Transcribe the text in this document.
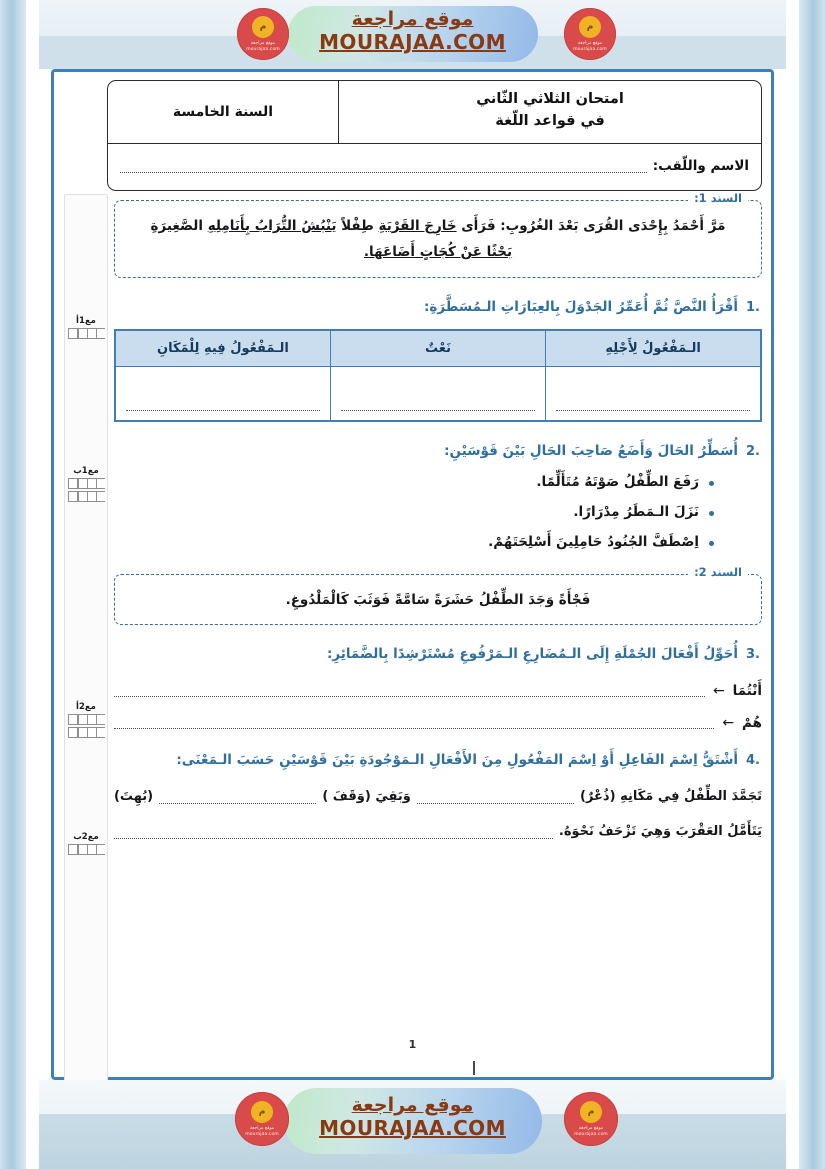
م
موقع مراجعة mourajaa.com
م
موقع مراجعة mourajaa.com
موقع مراجعة
MOURAJAA.COM
امتحان الثلاثي الثّاني
في قواعد اللّغة
السنة الخامسة
الاسم واللّقب:
مع1أ
مع1ب
مع2أ
مع2ب
السند 1:
مَرَّ أَحْمَدُ بِإِحْدَى القُرَى بَعْدَ الغُرُوبِ: فَرَأَى خَارِجَ القَرْيَةِ طِفْلاً يَنْبُشُ التُّرَابُ بِأَنَامِلِهِ الصَّغِيرَةِ
بَحْثًا عَنْ كُجَاتٍ أَضَاعَهَا.
1.
أَقْرَأُ النَّصَّ ثُمَّ أُعَمِّرُ الجَدْوَلَ بِالعِبَارَاتِ الـمُسَطَّرَةِ:
الـمَفْعُولُ لِأَجْلِهِ	نَعْتٌ	الـمَفْعُولُ فِيهِ لِلْمَكَانِ

2.
أُسَطِّرُ الحَالَ وَأَضَعُ صَاحِبَ الحَالِ بَيْنَ قَوْسَيْنِ:
رَفَعَ الطِّفْلُ صَوْتَهُ مُتَأَلِّمًا.
نَزَلَ الـمَطَرُ مِدْرَارًا.
اِصْطَفَّ الجُنُودُ حَامِلِينَ أَسْلِحَتَهُمْ.
السند 2:
فَجْأَةً وَجَدَ الطِّفْلُ حَشَرَةً سَامَّةً فَوَثَبَ كَالْمَلْدُوغِ.
3.
أُحَوِّلُ أَفْعَالَ الجُمْلَةِ إِلَى الـمُضَارِعِ الـمَرْفُوعِ مُسْتَرْشِدًا بِالضَّمَائِرِ:
أَنْتُمَا
←
هُمْ
←
4.
أَشْتَقُّ اِسْمَ الفَاعِلِ أَوْ اِسْمَ المَفْعُولِ مِنَ الأَفْعَالِ الـمَوْجُودَةِ بَيْنَ قَوْسَيْنِ حَسَبَ الـمَعْنَى:
تَجَمَّدَ الطِّفْلُ فِي مَكَانِهِ (ذُعْرٌ)
وَبَقِيَ (وَقَفَ )
(بُهِتَ)
يَتَأَمَّلُ العَقْرَبَ وَهِيَ تَزْحَفُ نَحْوَهُ.
1
م
موقع مراجعة mourajaa.com
م
موقع مراجعة mourajaa.com
موقع مراجعة
MOURAJAA.COM
